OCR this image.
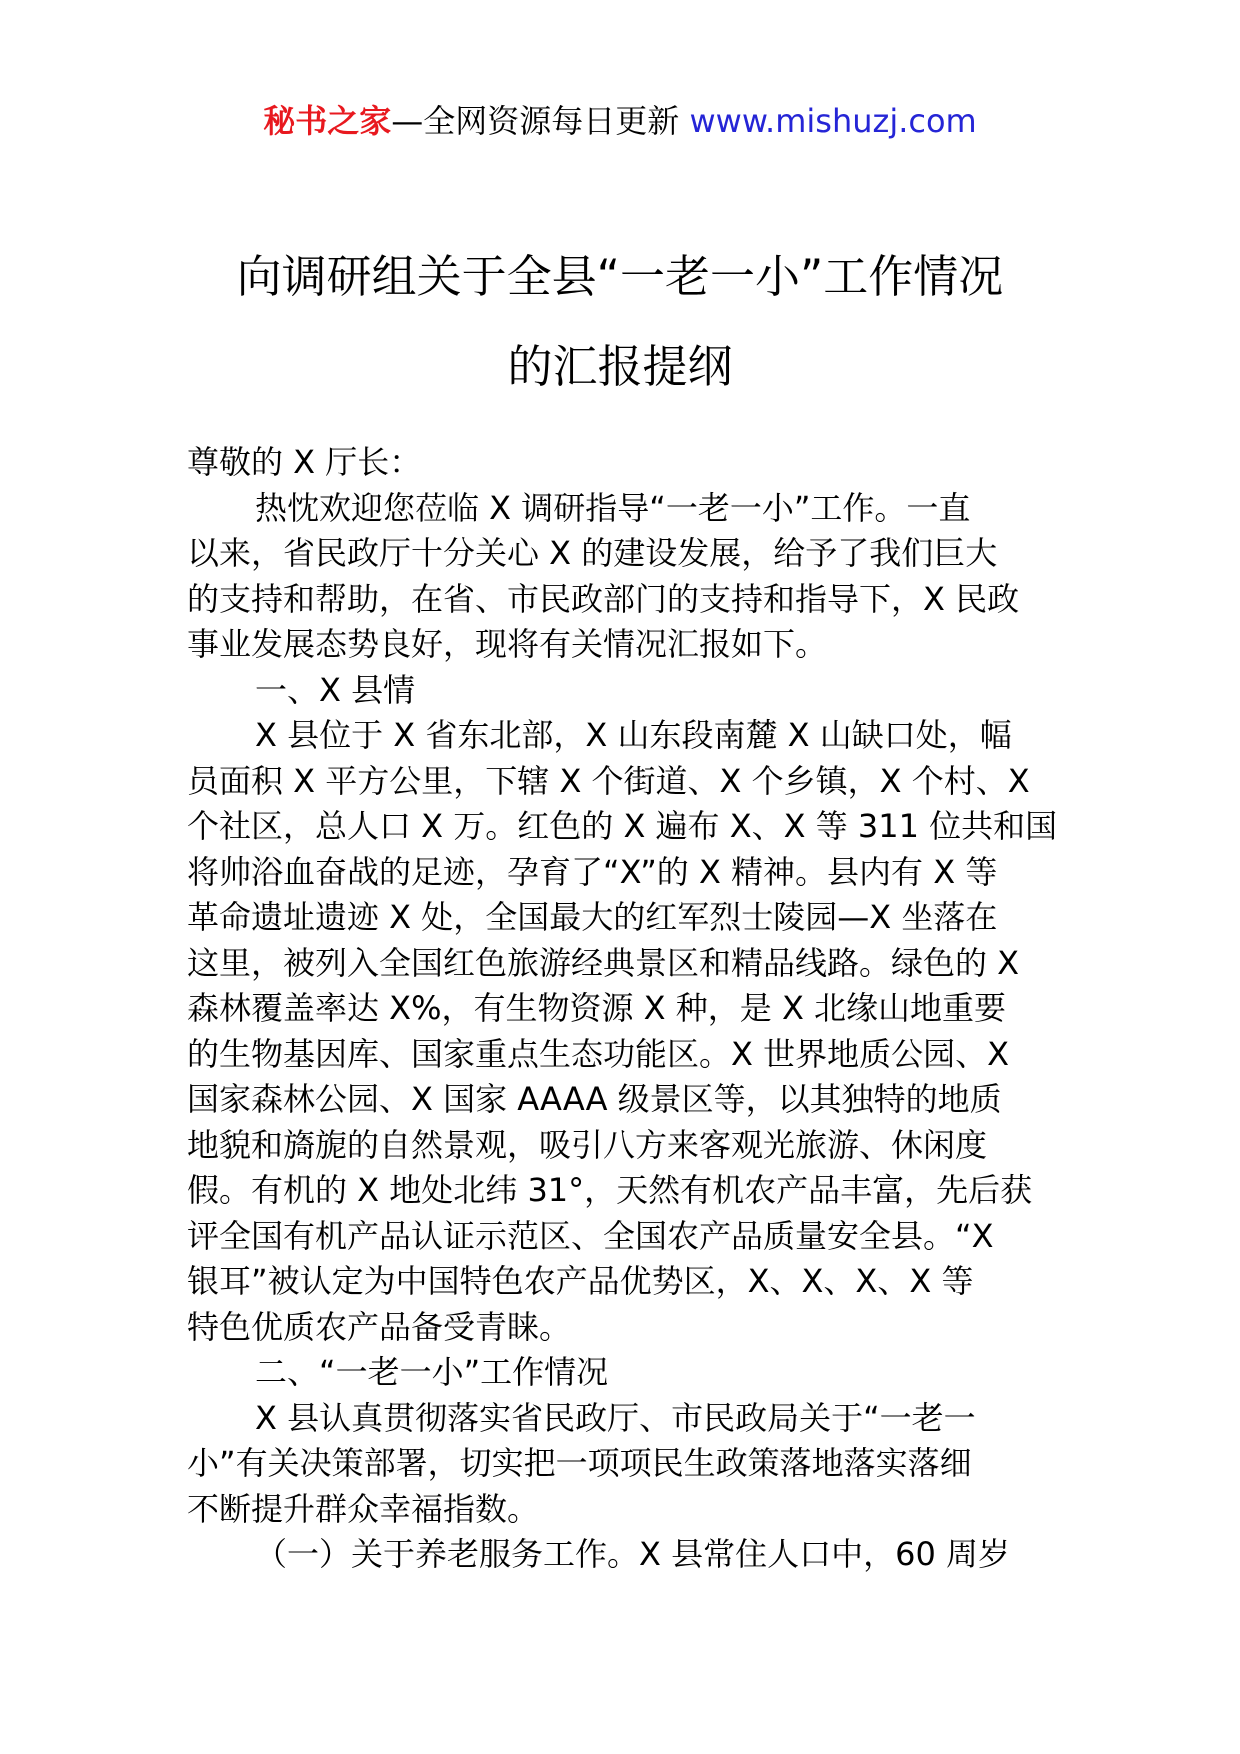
秘书之家—全网资源每日更新 www.mishuzj.com
向调研组关于全县“一老一小”工作情况
的汇报提纲
尊敬的 X 厅长：
热忱欢迎您莅临 X 调研指导“一老一小”工作。一直
以来，省民政厅十分关心 X 的建设发展，给予了我们巨大
的支持和帮助，在省、市民政部门的支持和指导下，X 民政
事业发展态势良好，现将有关情况汇报如下。
一、X 县情
X 县位于 X 省东北部，X 山东段南麓 X 山缺口处，幅
员面积 X 平方公里，下辖 X 个街道、X 个乡镇，X 个村、X
个社区，总人口 X 万。红色的 X 遍布 X、X 等 311 位共和国
将帅浴血奋战的足迹，孕育了“X”的 X 精神。县内有 X 等
革命遗址遗迹 X 处，全国最大的红军烈士陵园—X 坐落在
这里，被列入全国红色旅游经典景区和精品线路。绿色的 X
森林覆盖率达 X%，有生物资源 X 种，是 X 北缘山地重要
的生物基因库、国家重点生态功能区。X 世界地质公园、X
国家森林公园、X 国家 AAAA 级景区等，以其独特的地质
地貌和旖旎的自然景观，吸引八方来客观光旅游、休闲度
假。有机的 X 地处北纬 31°，天然有机农产品丰富，先后获
评全国有机产品认证示范区、全国农产品质量安全县。“X
银耳”被认定为中国特色农产品优势区，X、X、X、X 等
特色优质农产品备受青睐。
二、“一老一小”工作情况
X 县认真贯彻落实省民政厅、市民政局关于“一老一
小”有关决策部署，切实把一项项民生政策落地落实落细
不断提升群众幸福指数。
（一）关于养老服务工作。X 县常住人口中，60 周岁
